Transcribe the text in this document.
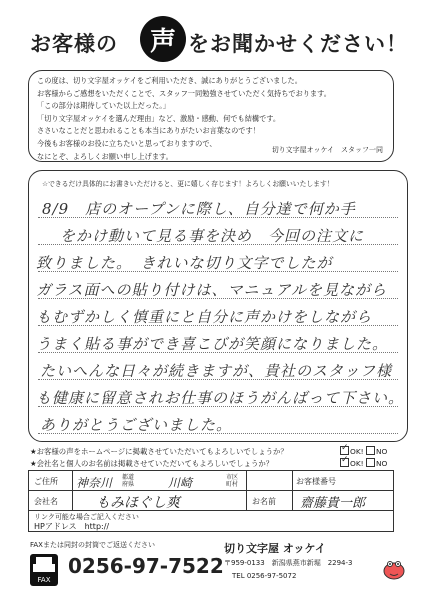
お客様の	声 をお聞かせください！
この度は、切り文字屋オッケイをご利用いただき、誠にありがとうございました。
お客様からご感想をいただくことで、スタッフ一同勉強させていただく気持ちでおります。
「この部分は期待していた以上だった。」
「切り文字屋オッケイを選んだ理由」など、激励・感動、何でも結構です。
ささいなことだと思われることも本当にありがたいお言葉なのです！
今後もお客様のお役に立ちたいと思っておりますので、
なにとぞ、よろしくお願い申し上げます。
切り文字屋オッケイ　スタッフ一同
☆できるだけ具体的にお書きいただけると、更に嬉しく存じます！よろしくお願いいたします！
8/9　店のオープンに際し、自分達で何か手
をかけ動いて見る事を決め　今回の注文に
致りました。　きれいな切り文字でしたが
ガラス面への貼り付けは、マニュアルを見ながら
もむずかしく慎重にと自分に声かけをしながら
うまく貼る事ができ喜こびが笑顔になりました。
たいへんな日々が続きますが、貴社のスタッフ様
も健康に留意されお仕事のほうがんばって下さい。
ありがとうございました。
★お客様の声をホームページに掲載させていただいてもよろしいでしょうか？ ✓	OK! NO
★会社名と個人のお名前は掲載させていただいてもよろしいでしょうか？ ✓	OK! NO
ご住所 神奈川 都道府県	川崎	市区町村	お客様番号
会社名	もみほぐし爽	お名前 齋藤貴一郎
リンク可能な場合ご記入ください
HPアドレス　http://
FAXまたは同封の封筒でご返送ください
FAX
0256-97-7522
切り文字屋 オッケイ
〒959-0133　新潟県燕市新堀　2294-3
TEL 0256-97-5072
